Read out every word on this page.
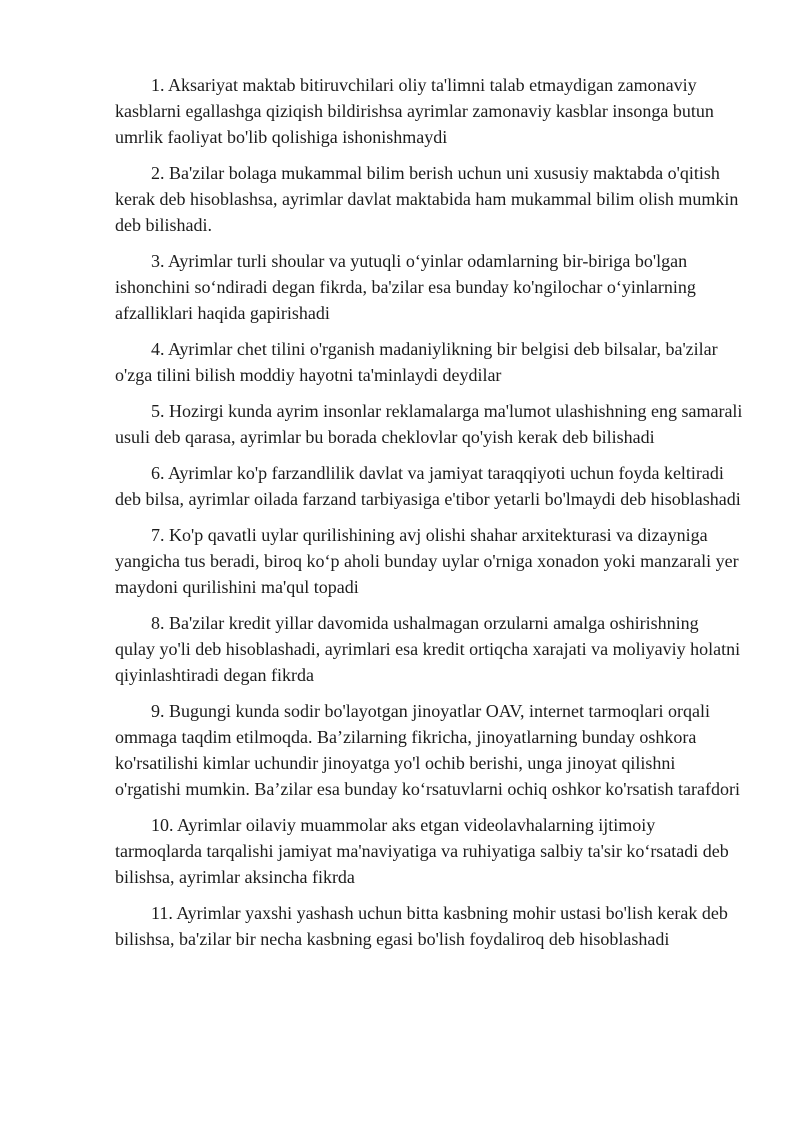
1. Aksariyat maktab bitiruvchilari oliy ta'limni talab etmaydigan zamonaviy kasblarni egallashga qiziqish bildirishsa ayrimlar zamonaviy kasblar insonga butun umrlik faoliyat bo'lib qolishiga ishonishmaydi

2. Ba'zilar bolaga mukammal bilim berish uchun uni xususiy maktabda o'qitish kerak deb hisoblashsa, ayrimlar davlat maktabida ham mukammal bilim olish mumkin deb bilishadi.

3. Ayrimlar turli shoular va yutuqli o‘yinlar odamlarning bir-biriga bo'lgan ishonchini so‘ndiradi degan fikrda, ba'zilar esa bunday ko'ngilochar o‘yinlarning afzalliklari haqida gapirishadi

4. Ayrimlar chet tilini o'rganish madaniylikning bir belgisi deb bilsalar, ba'zilar o'zga tilini bilish moddiy hayotni ta'minlaydi deydilar

5. Hozirgi kunda ayrim insonlar reklamalarga ma'lumot ulashishning eng samarali usuli deb qarasa, ayrimlar bu borada cheklovlar qo'yish kerak deb bilishadi

6. Ayrimlar ko'p farzandlilik davlat va jamiyat taraqqiyoti uchun foyda keltiradi deb bilsa, ayrimlar oilada farzand tarbiyasiga e'tibor yetarli bo'lmaydi deb hisoblashadi

7. Ko'p qavatli uylar qurilishining avj olishi shahar arxitekturasi va dizayniga yangicha tus beradi, biroq ko‘p aholi bunday uylar o'rniga xonadon yoki manzarali yer maydoni qurilishini ma'qul topadi

8. Ba'zilar kredit yillar davomida ushalmagan orzularni amalga oshirishning qulay yo'li deb hisoblashadi, ayrimlari esa kredit ortiqcha xarajati va moliyaviy holatni qiyinlashtiradi degan fikrda

9. Bugungi kunda sodir bo'layotgan jinoyatlar OAV, internet tarmoqlari orqali ommaga taqdim etilmoqda. Ba’zilarning fikricha, jinoyatlarning bunday oshkora ko'rsatilishi kimlar uchundir jinoyatga yo'l ochib berishi, unga jinoyat qilishni o'rgatishi mumkin. Ba’zilar esa bunday ko‘rsatuvlarni ochiq oshkor ko'rsatish tarafdori

10. Ayrimlar oilaviy muammolar aks etgan videolavhalarning ijtimoiy tarmoqlarda tarqalishi jamiyat ma'naviyatiga va ruhiyatiga salbiy ta'sir ko‘rsatadi deb bilishsa, ayrimlar aksincha fikrda

11. Ayrimlar yaxshi yashash uchun bitta kasbning mohir ustasi bo'lish kerak deb bilishsa, ba'zilar bir necha kasbning egasi bo'lish foydaliroq deb hisoblashadi
